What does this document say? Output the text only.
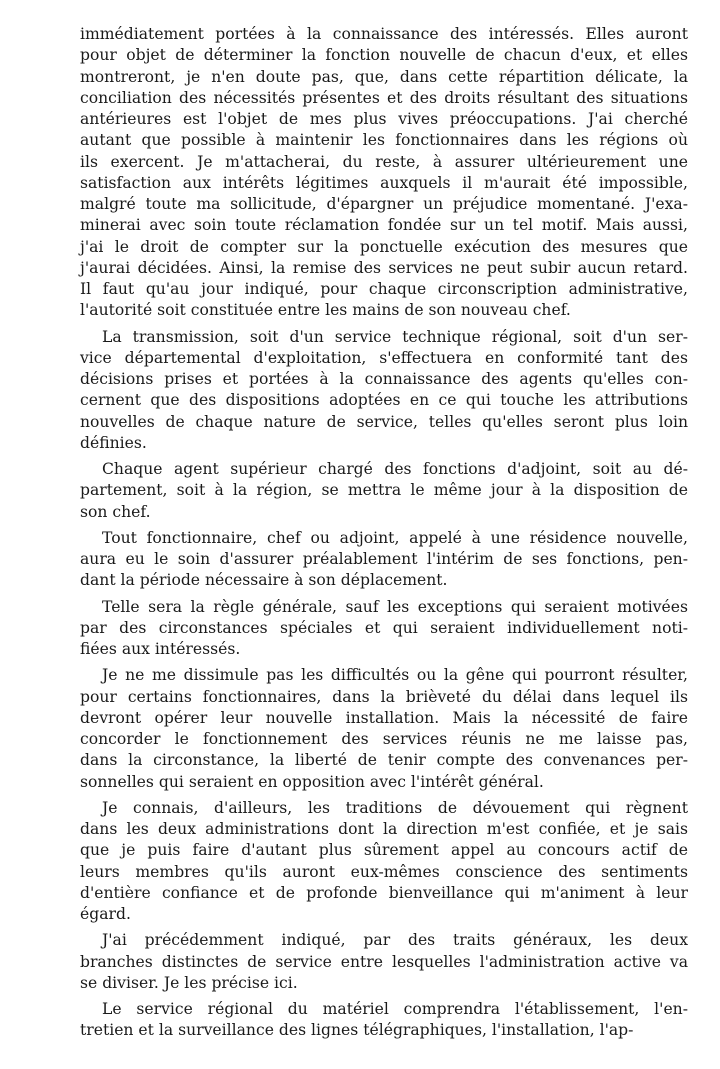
immédiatement portées à la connaissance des intéressés. Elles auront
pour objet de déterminer la fonction nouvelle de chacun d'eux, et elles
montreront, je n'en doute pas, que, dans cette répartition délicate, la
conciliation des nécessités présentes et des droits résultant des situations
antérieures est l'objet de mes plus vives préoccupations. J'ai cherché
autant que possible à maintenir les fonctionnaires dans les régions où
ils exercent. Je m'attacherai, du reste, à assurer ultérieurement une
satisfaction aux intérêts légitimes auxquels il m'aurait été impossible,
malgré toute ma sollicitude, d'épargner un préjudice momentané. J'exa-
minerai avec soin toute réclamation fondée sur un tel motif. Mais aussi,
j'ai le droit de compter sur la ponctuelle exécution des mesures que
j'aurai décidées. Ainsi, la remise des services ne peut subir aucun retard.
Il faut qu'au jour indiqué, pour chaque circonscription administrative,
l'autorité soit constituée entre les mains de son nouveau chef.
La transmission, soit d'un service technique régional, soit d'un ser-
vice départemental d'exploitation, s'effectuera en conformité tant des
décisions prises et portées à la connaissance des agents qu'elles con-
cernent que des dispositions adoptées en ce qui touche les attributions
nouvelles de chaque nature de service, telles qu'elles seront plus loin
définies.
Chaque agent supérieur chargé des fonctions d'adjoint, soit au dé-
partement, soit à la région, se mettra le même jour à la disposition de
son chef.
Tout fonctionnaire, chef ou adjoint, appelé à une résidence nouvelle,
aura eu le soin d'assurer préalablement l'intérim de ses fonctions, pen-
dant la période nécessaire à son déplacement.
Telle sera la règle générale, sauf les exceptions qui seraient motivées
par des circonstances spéciales et qui seraient individuellement noti-
fiées aux intéressés.
Je ne me dissimule pas les difficultés ou la gêne qui pourront résulter,
pour certains fonctionnaires, dans la brièveté du délai dans lequel ils
devront opérer leur nouvelle installation. Mais la nécessité de faire
concorder le fonctionnement des services réunis ne me laisse pas,
dans la circonstance, la liberté de tenir compte des convenances per-
sonnelles qui seraient en opposition avec l'intérêt général.
Je connais, d'ailleurs, les traditions de dévouement qui règnent
dans les deux administrations dont la direction m'est confiée, et je sais
que je puis faire d'autant plus sûrement appel au concours actif de
leurs membres qu'ils auront eux-mêmes conscience des sentiments
d'entière confiance et de profonde bienveillance qui m'animent à leur
égard.
J'ai précédemment indiqué, par des traits généraux, les deux
branches distinctes de service entre lesquelles l'administration active va
se diviser. Je les précise ici.
Le service régional du matériel comprendra l'établissement, l'en-
tretien et la surveillance des lignes télégraphiques, l'installation, l'ap-
